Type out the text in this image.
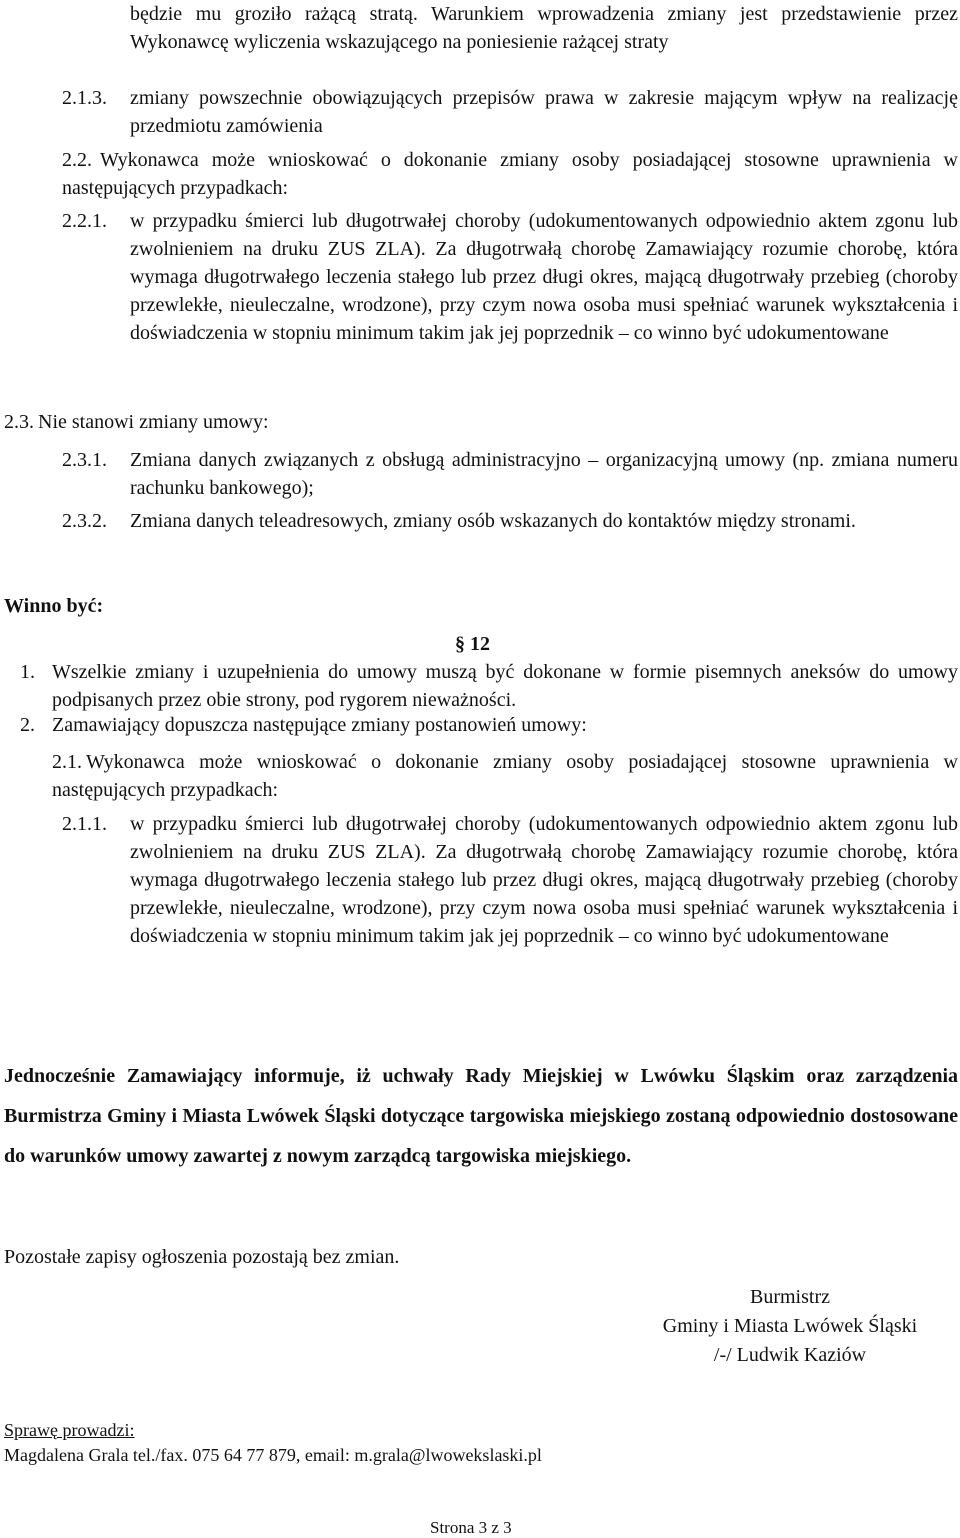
będzie mu groziło rażącą stratą. Warunkiem wprowadzenia zmiany jest przedstawienie przez Wykonawcę wyliczenia wskazującego na poniesienie rażącej straty
2.1.3. zmiany powszechnie obowiązujących przepisów prawa w zakresie mającym wpływ na realizację przedmiotu zamówienia
2.2. Wykonawca może wnioskować o dokonanie zmiany osoby posiadającej stosowne uprawnienia w następujących przypadkach:
2.2.1. w przypadku śmierci lub długotrwałej choroby (udokumentowanych odpowiednio aktem zgonu lub zwolnieniem na druku ZUS ZLA). Za długotrwałą chorobę Zamawiający rozumie chorobę, która wymaga długotrwałego leczenia stałego lub przez długi okres, mającą długotrwały przebieg (choroby przewlekłe, nieuleczalne, wrodzone), przy czym nowa osoba musi spełniać warunek wykształcenia i doświadczenia w stopniu minimum takim jak jej poprzednik – co winno być udokumentowane
2.3. Nie stanowi zmiany umowy:
2.3.1. Zmiana danych związanych z obsługą administracyjno – organizacyjną umowy (np. zmiana numeru rachunku bankowego);
2.3.2. Zmiana danych teleadresowych, zmiany osób wskazanych do kontaktów między stronami.
Winno być:
§ 12
1. Wszelkie zmiany i uzupełnienia do umowy muszą być dokonane w formie pisemnych aneksów do umowy podpisanych przez obie strony, pod rygorem nieważności.
2. Zamawiający dopuszcza następujące zmiany postanowień umowy:
2.1. Wykonawca może wnioskować o dokonanie zmiany osoby posiadającej stosowne uprawnienia w następujących przypadkach:
2.1.1. w przypadku śmierci lub długotrwałej choroby (udokumentowanych odpowiednio aktem zgonu lub zwolnieniem na druku ZUS ZLA). Za długotrwałą chorobę Zamawiający rozumie chorobę, która wymaga długotrwałego leczenia stałego lub przez długi okres, mającą długotrwały przebieg (choroby przewlekłe, nieuleczalne, wrodzone), przy czym nowa osoba musi spełniać warunek wykształcenia i doświadczenia w stopniu minimum takim jak jej poprzednik – co winno być udokumentowane
Jednocześnie Zamawiający informuje, iż uchwały Rady Miejskiej w Lwówku Śląskim oraz zarządzenia Burmistrza Gminy i Miasta Lwówek Śląski dotyczące targowiska miejskiego zostaną odpowiednio dostosowane do warunków umowy zawartej z nowym zarządcą targowiska miejskiego.
Pozostałe zapisy ogłoszenia pozostają bez zmian.
Burmistrz
Gminy i Miasta Lwówek Śląski
/-/ Ludwik Kaziów
Sprawę prowadzi:
Magdalena Grala tel./fax. 075 64 77 879, email: m.grala@lwowekslaski.pl
Strona 3 z 3
